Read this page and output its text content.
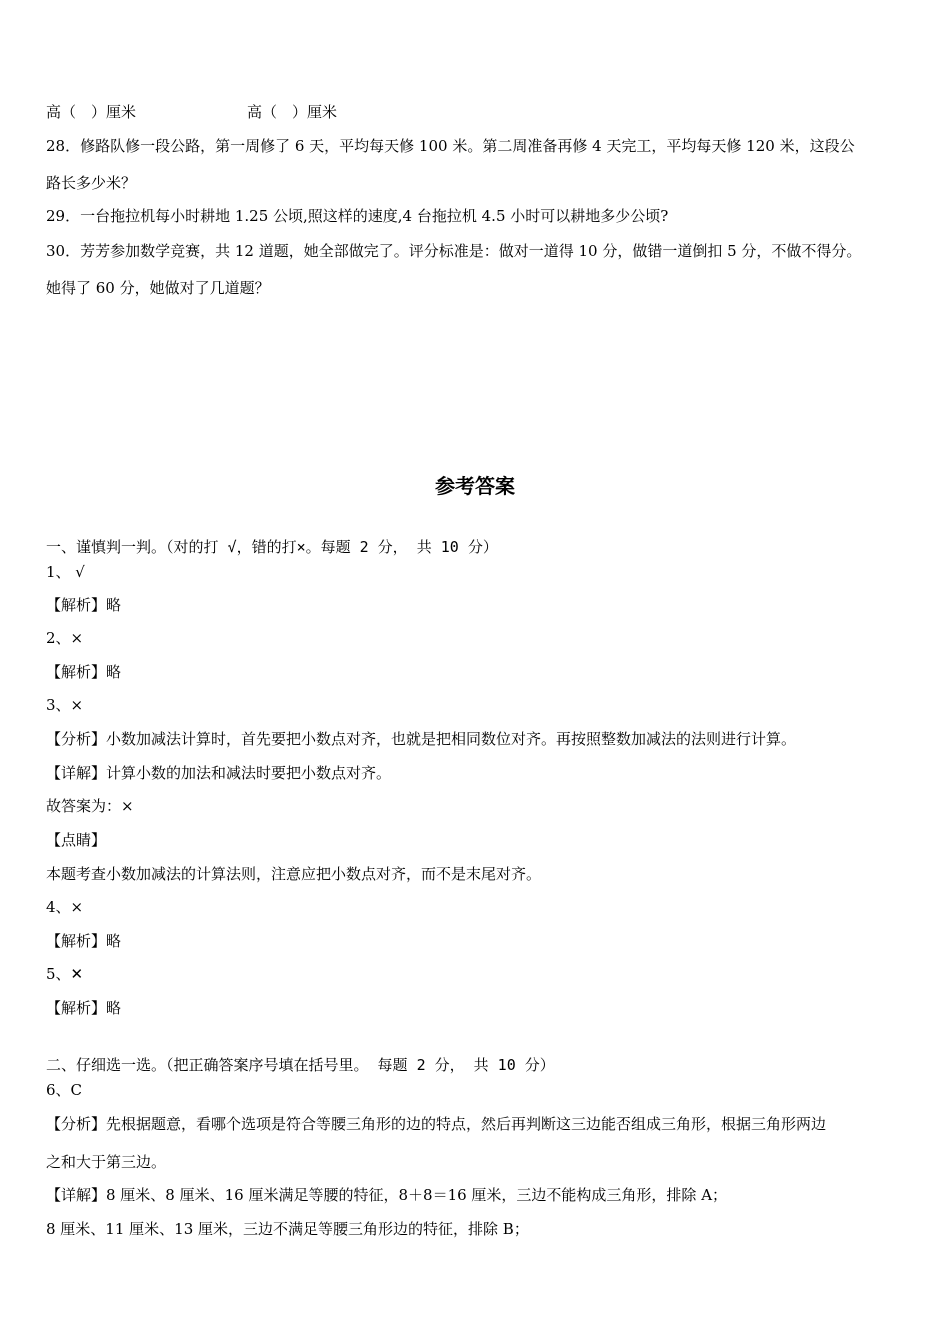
高（　）厘米	高（　）厘米
28．修路队修一段公路，第一周修了 6 天，平均每天修 100 米。第二周准备再修 4 天完工，平均每天修 120 米，这段公
路长多少米？
29．一台拖拉机每小时耕地 1.25 公顷,照这样的速度,4 台拖拉机 4.5 小时可以耕地多少公顷?
30．芳芳参加数学竞赛，共 12 道题，她全部做完了。评分标准是：做对一道得 10 分，做错一道倒扣 5 分，不做不得分。
她得了 60 分，她做对了几道题？
参考答案
一、谨慎判一判。（对的打 √，错的打×。每题 2 分， 共 10 分）
1、 √
【解析】略
2、×
【解析】略
3、×
【分析】小数加减法计算时，首先要把小数点对齐，也就是把相同数位对齐。再按照整数加减法的法则进行计算。
【详解】计算小数的加法和减法时要把小数点对齐。
故答案为：×
【点睛】
本题考查小数加减法的计算法则，注意应把小数点对齐，而不是末尾对齐。
4、×
【解析】略
5、✕
【解析】略
二、仔细选一选。（把正确答案序号填在括号里。 每题 2 分， 共 10 分）
6、C
【分析】先根据题意，看哪个选项是符合等腰三角形的边的特点，然后再判断这三边能否组成三角形，根据三角形两边
之和大于第三边。
【详解】8 厘米、8 厘米、16 厘米满足等腰的特征，8＋8＝16 厘米，三边不能构成三角形，排除 A；
8 厘米、11 厘米、13 厘米，三边不满足等腰三角形边的特征，排除 B；
